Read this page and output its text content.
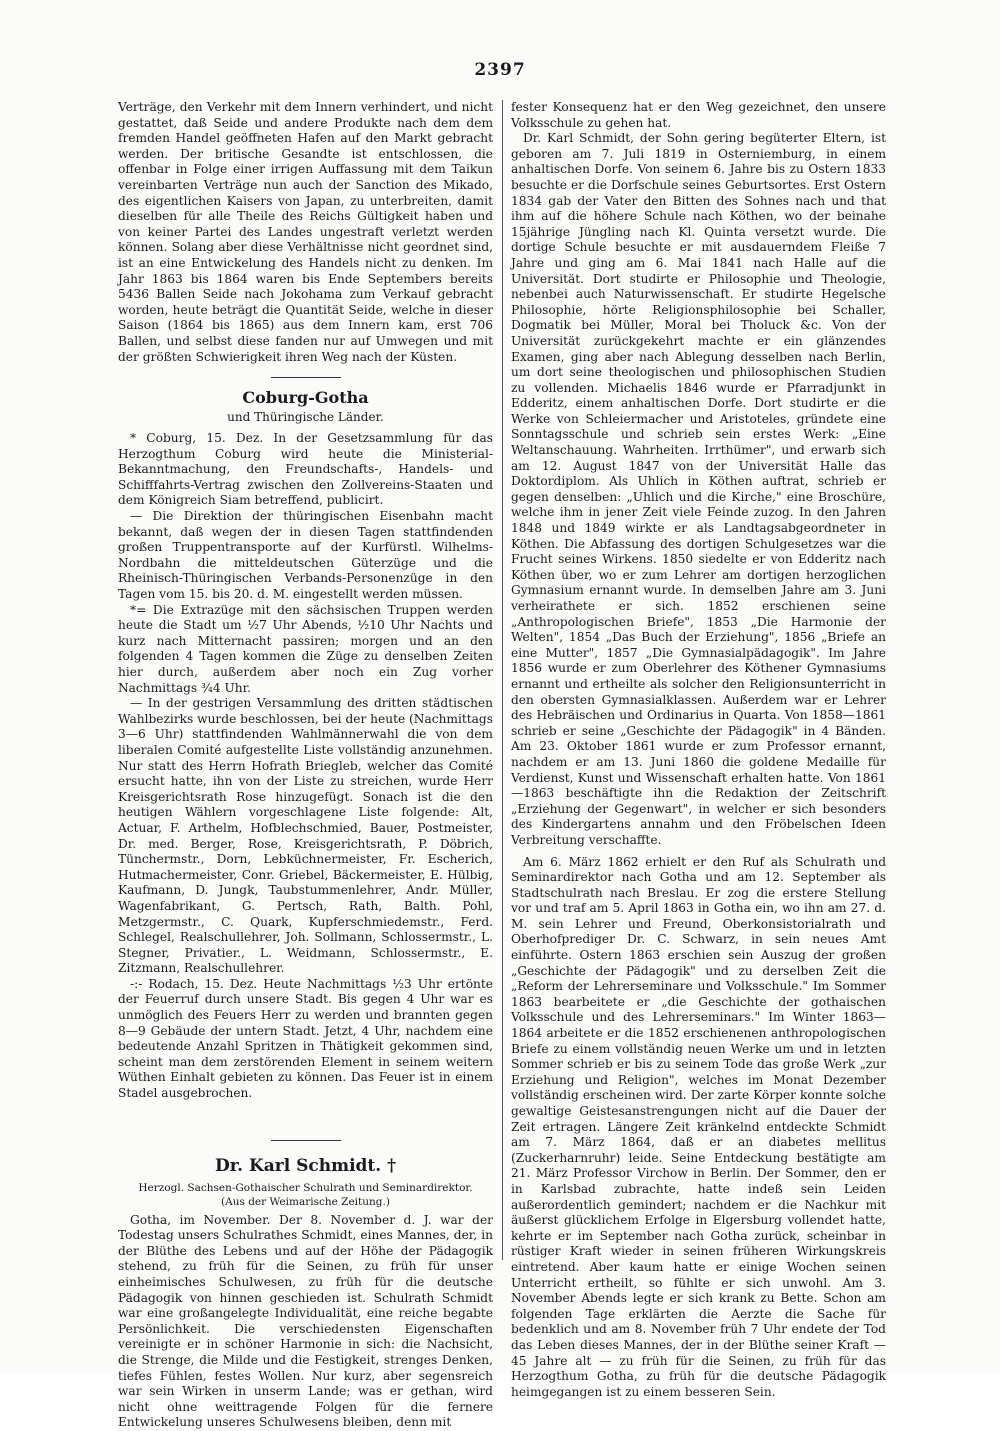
2397

Verträge, den Verkehr mit dem Innern verhindert, und nicht gestattet, daß Seide und andere Produkte nach dem dem fremden Handel geöffneten Hafen auf den Markt gebracht werden. Der britische Gesandte ist entschlossen, die offenbar in Folge einer irrigen Auffassung mit dem Taikun vereinbarten Verträge nun auch der Sanction des Mikado, des eigentlichen Kaisers von Japan, zu unterbreiten, damit dieselben für alle Theile des Reichs Gültigkeit haben und von keiner Partei des Landes ungestraft verletzt werden können. Solang aber diese Verhältnisse nicht geordnet sind, ist an eine Entwickelung des Handels nicht zu denken. Im Jahr 1863 bis 1864 waren bis Ende Septembers bereits 5436 Ballen Seide nach Jokohama zum Verkauf gebracht worden, heute beträgt die Quantität Seide, welche in dieser Saison (1864 bis 1865) aus dem Innern kam, erst 706 Ballen, und selbst diese fanden nur auf Umwegen und mit der größten Schwierigkeit ihren Weg nach der Küsten.

Coburg-Gotha
und Thüringische Länder.

* Coburg, 15. Dez. In der Gesetzsammlung für das Herzogthum Coburg wird heute die Ministerial-Bekanntmachung, den Freundschafts-, Handels- und Schifffahrts-Vertrag zwischen den Zollvereins-Staaten und dem Königreich Siam betreffend, publicirt.

— Die Direktion der thüringischen Eisenbahn macht bekannt, daß wegen der in diesen Tagen stattfindenden großen Truppentransporte auf der Kurfürstl. Wilhelms-Nordbahn die mitteldeutschen Güterzüge und die Rheinisch-Thüringischen Verbands-Personenzüge in den Tagen vom 15. bis 20. d. M. eingestellt werden müssen.

*= Die Extrazüge mit den sächsischen Truppen werden heute die Stadt um ½7 Uhr Abends, ½10 Uhr Nachts und kurz nach Mitternacht passiren; morgen und an den folgenden 4 Tagen kommen die Züge zu denselben Zeiten hier durch, außerdem aber noch ein Zug vorher Nachmittags ¾4 Uhr.

— In der gestrigen Versammlung des dritten städtischen Wahlbezirks wurde beschlossen, bei der heute (Nachmittags 3—6 Uhr) stattfindenden Wahlmännerwahl die von dem liberalen Comité aufgestellte Liste vollständig anzunehmen. Nur statt des Herrn Hofrath Briegleb, welcher das Comité ersucht hatte, ihn von der Liste zu streichen, wurde Herr Kreisgerichtsrath Rose hinzugefügt. Sonach ist die den heutigen Wählern vorgeschlagene Liste folgende: Alt, Actuar, F. Arthelm, Hofblechschmied, Bauer, Postmeister, Dr. med. Berger, Rose, Kreisgerichtsrath, P. Döbrich, Tünchermstr., Dorn, Lebküchnermeister, Fr. Escherich, Hutmachermeister, Conr. Griebel, Bäckermeister, E. Hülbig, Kaufmann, D. Jungk, Taubstummenlehrer, Andr. Müller, Wagenfabrikant, G. Pertsch, Rath, Balth. Pohl, Metzgermstr., C. Quark, Kupferschmiedemstr., Ferd. Schlegel, Realschullehrer, Joh. Sollmann, Schlossermstr., L. Stegner, Privatier., L. Weidmann, Schlossermstr., E. Zitzmann, Realschullehrer.

-:- Rodach, 15. Dez. Heute Nachmittags ½3 Uhr ertönte der Feuerruf durch unsere Stadt. Bis gegen 4 Uhr war es unmöglich des Feuers Herr zu werden und brannten gegen 8—9 Gebäude der untern Stadt. Jetzt, 4 Uhr, nachdem eine bedeutende Anzahl Spritzen in Thätigkeit gekommen sind, scheint man dem zerstörenden Element in seinem weitern Wüthen Einhalt gebieten zu können. Das Feuer ist in einem Stadel ausgebrochen.

Dr. Karl Schmidt. †
Herzogl. Sachsen-Gothaischer Schulrath und Seminardirektor.
(Aus der Weimarische Zeitung.)

Gotha, im November. Der 8. November d. J. war der Todestag unsers Schulrathes Schmidt, eines Mannes, der, in der Blüthe des Lebens und auf der Höhe der Pädagogik stehend, zu früh für die Seinen, zu früh für unser einheimisches Schulwesen, zu früh für die deutsche Pädagogik von hinnen geschieden ist. Schulrath Schmidt war eine großangelegte Individualität, eine reiche begabte Persönlichkeit. Die verschiedensten Eigenschaften vereinigte er in schöner Harmonie in sich: die Nachsicht, die Strenge, die Milde und die Festigkeit, strenges Denken, tiefes Fühlen, festes Wollen. Nur kurz, aber segensreich war sein Wirken in unserm Lande; was er gethan, wird nicht ohne weittragende Folgen für die fernere Entwickelung unseres Schulwesens bleiben, denn mit

fester Konsequenz hat er den Weg gezeichnet, den unsere Volksschule zu gehen hat.

Dr. Karl Schmidt, der Sohn gering begüterter Eltern, ist geboren am 7. Juli 1819 in Osterniemburg, in einem anhaltischen Dorfe. Von seinem 6. Jahre bis zu Ostern 1833 besuchte er die Dorfschule seines Geburtsortes. Erst Ostern 1834 gab der Vater den Bitten des Sohnes nach und that ihm auf die höhere Schule nach Köthen, wo der beinahe 15jährige Jüngling nach Kl. Quinta versetzt wurde. Die dortige Schule besuchte er mit ausdauerndem Fleiße 7 Jahre und ging am 6. Mai 1841 nach Halle auf die Universität. Dort studirte er Philosophie und Theologie, nebenbei auch Naturwissenschaft. Er studirte Hegelsche Philosophie, hörte Religionsphilosophie bei Schaller, Dogmatik bei Müller, Moral bei Tholuck &c. Von der Universität zurückgekehrt machte er ein glänzendes Examen, ging aber nach Ablegung desselben nach Berlin, um dort seine theologischen und philosophischen Studien zu vollenden. Michaelis 1846 wurde er Pfarradjunkt in Edderitz, einem anhaltischen Dorfe. Dort studirte er die Werke von Schleiermacher und Aristoteles, gründete eine Sonntagsschule und schrieb sein erstes Werk: „Eine Weltanschauung. Wahrheiten. Irrthümer", und erwarb sich am 12. August 1847 von der Universität Halle das Doktordiplom. Als Uhlich in Köthen auftrat, schrieb er gegen denselben: „Uhlich und die Kirche," eine Broschüre, welche ihm in jener Zeit viele Feinde zuzog. In den Jahren 1848 und 1849 wirkte er als Landtagsabgeordneter in Köthen. Die Abfassung des dortigen Schulgesetzes war die Frucht seines Wirkens. 1850 siedelte er von Edderitz nach Köthen über, wo er zum Lehrer am dortigen herzoglichen Gymnasium ernannt wurde. In demselben Jahre am 3. Juni verheirathete er sich. 1852 erschienen seine „Anthropologischen Briefe", 1853 „Die Harmonie der Welten", 1854 „Das Buch der Erziehung", 1856 „Briefe an eine Mutter", 1857 „Die Gymnasialpädagogik". Im Jahre 1856 wurde er zum Oberlehrer des Köthener Gymnasiums ernannt und ertheilte als solcher den Religionsunterricht in den obersten Gymnasialklassen. Außerdem war er Lehrer des Hebräischen und Ordinarius in Quarta. Von 1858—1861 schrieb er seine „Geschichte der Pädagogik" in 4 Bänden. Am 23. Oktober 1861 wurde er zum Professor ernannt, nachdem er am 13. Juni 1860 die goldene Medaille für Verdienst, Kunst und Wissenschaft erhalten hatte. Von 1861—1863 beschäftigte ihn die Redaktion der Zeitschrift „Erziehung der Gegenwart", in welcher er sich besonders des Kindergartens annahm und den Fröbelschen Ideen Verbreitung verschaffte.

Am 6. März 1862 erhielt er den Ruf als Schulrath und Seminardirektor nach Gotha und am 12. September als Stadtschulrath nach Breslau. Er zog die erstere Stellung vor und traf am 5. April 1863 in Gotha ein, wo ihn am 27. d. M. sein Lehrer und Freund, Oberkonsistorialrath und Oberhofprediger Dr. C. Schwarz, in sein neues Amt einführte. Ostern 1863 erschien sein Auszug der großen „Geschichte der Pädagogik" und zu derselben Zeit die „Reform der Lehrerseminare und Volksschule." Im Sommer 1863 bearbeitete er „die Geschichte der gothaischen Volksschule und des Lehrerseminars." Im Winter 1863—1864 arbeitete er die 1852 erschienenen anthropologischen Briefe zu einem vollständig neuen Werke um und in letzten Sommer schrieb er bis zu seinem Tode das große Werk „zur Erziehung und Religion", welches im Monat Dezember vollständig erscheinen wird. Der zarte Körper konnte solche gewaltige Geistesanstrengungen nicht auf die Dauer der Zeit ertragen. Längere Zeit kränkelnd entdeckte Schmidt am 7. März 1864, daß er an diabetes mellitus (Zuckerharnruhr) leide. Seine Entdeckung bestätigte am 21. März Professor Virchow in Berlin. Der Sommer, den er in Karlsbad zubrachte, hatte indeß sein Leiden außerordentlich gemindert; nachdem er die Nachkur mit äußerst glücklichem Erfolge in Elgersburg vollendet hatte, kehrte er im September nach Gotha zurück, scheinbar in rüstiger Kraft wieder in seinen früheren Wirkungskreis eintretend. Aber kaum hatte er einige Wochen seinen Unterricht ertheilt, so fühlte er sich unwohl. Am 3. November Abends legte er sich krank zu Bette. Schon am folgenden Tage erklärten die Aerzte die Sache für bedenklich und am 8. November früh 7 Uhr endete der Tod das Leben dieses Mannes, der in der Blüthe seiner Kraft — 45 Jahre alt — zu früh für die Seinen, zu früh für das Herzogthum Gotha, zu früh für die deutsche Pädagogik heimgegangen ist zu einem besseren Sein.
